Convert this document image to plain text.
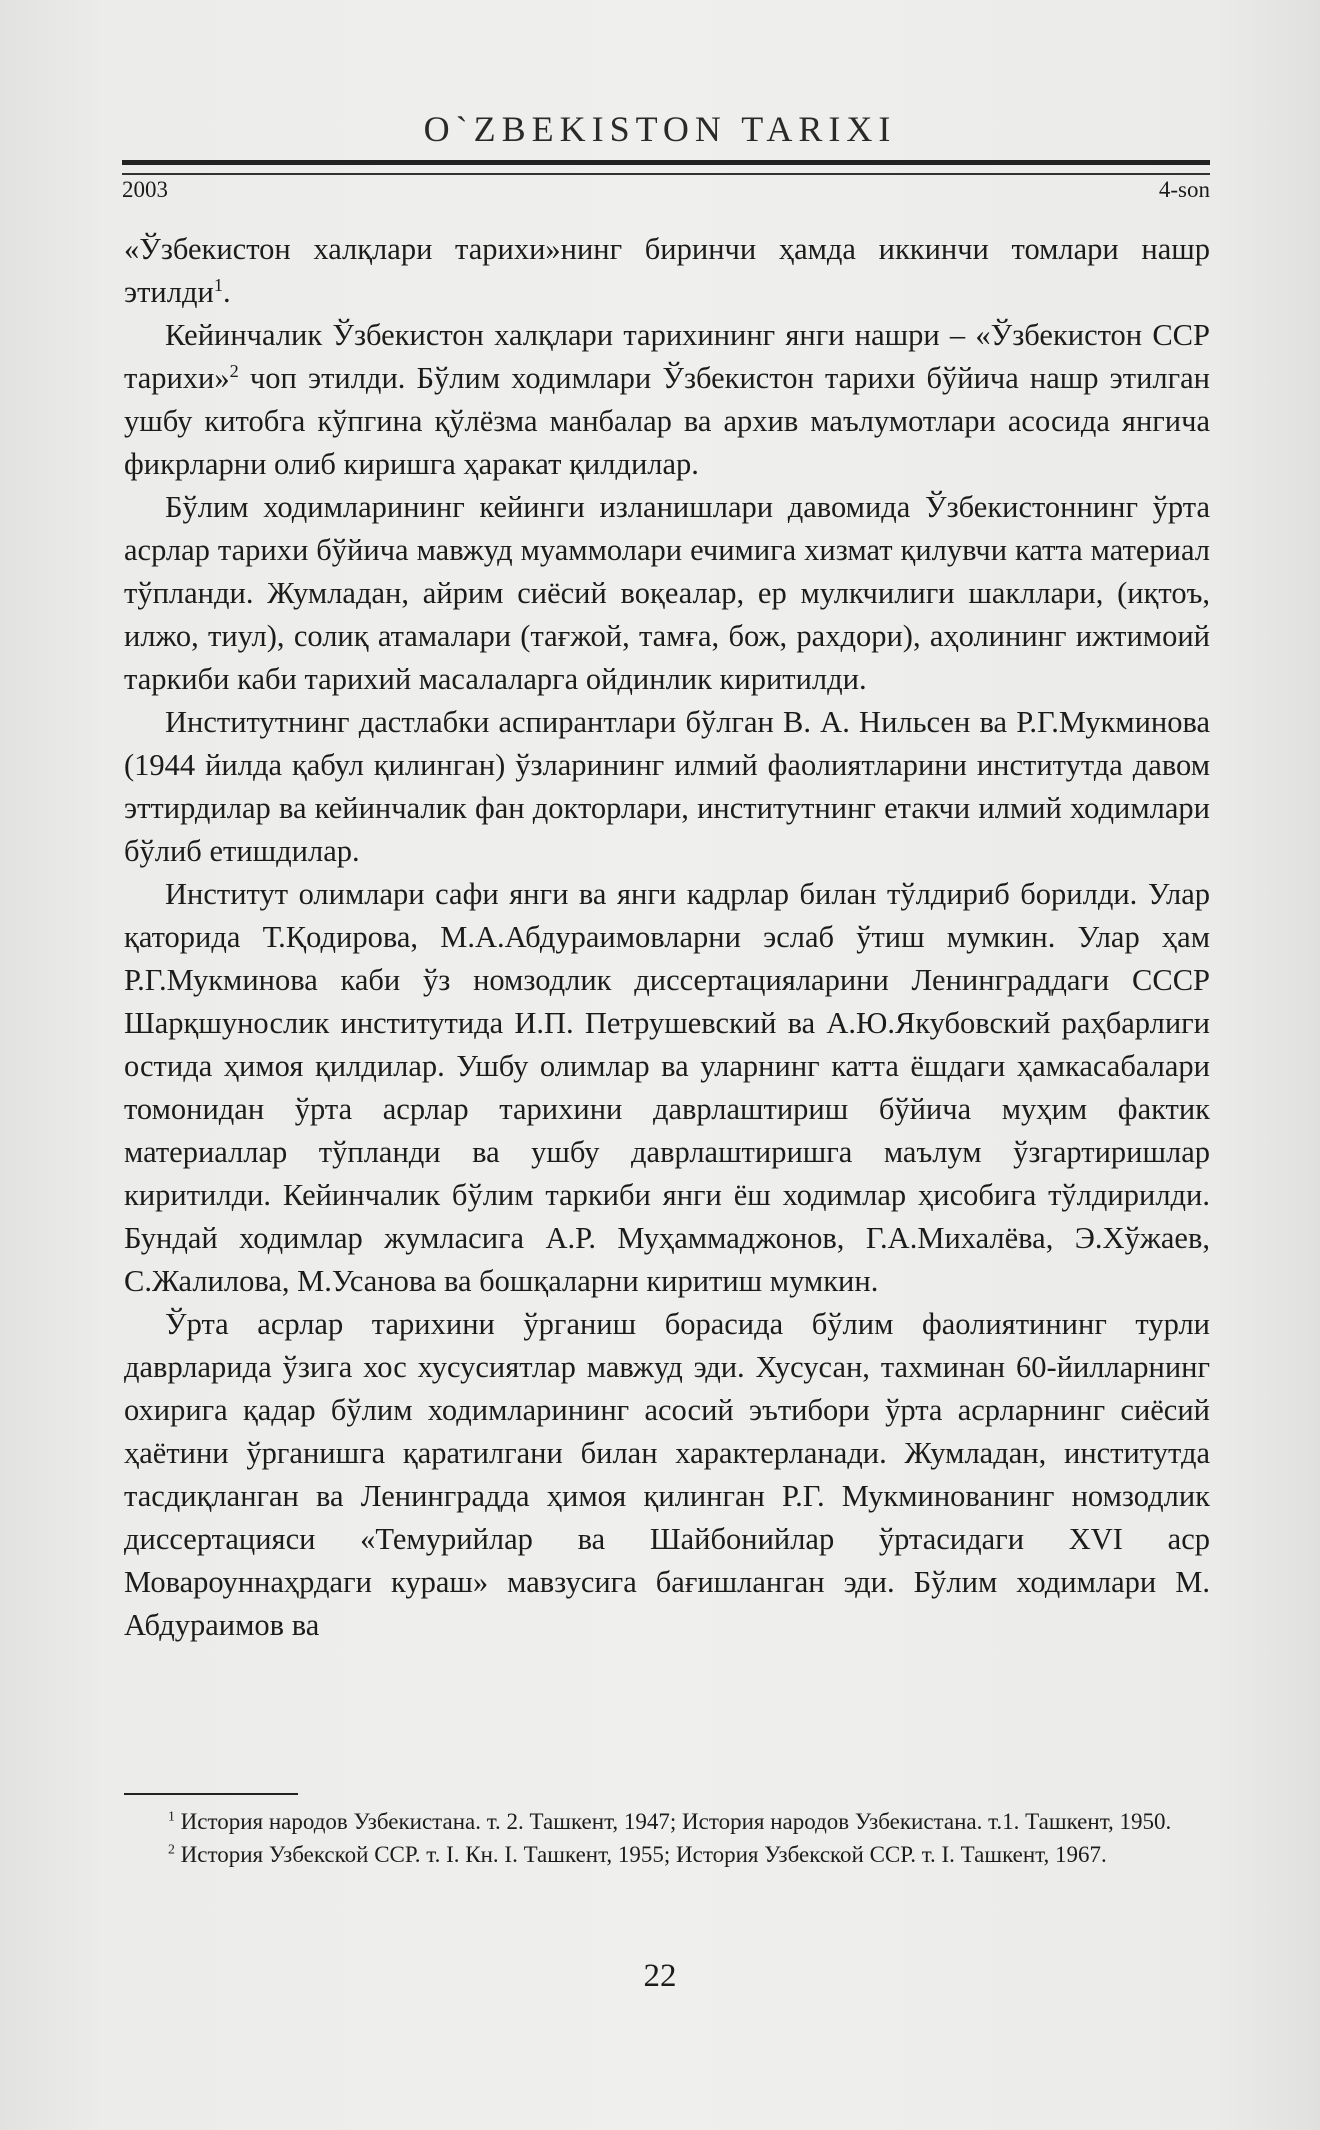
O`ZBEKISTON TARIXI
2003	4-son

«Ўзбекистон халқлари тарихи»нинг биринчи ҳамда иккинчи томлари нашр этилди$^1$.

Кейинчалик Ўзбекистон халқлари тарихининг янги нашри – «Ўзбекистон ССР тарихи»$^2$ чоп этилди. Бўлим ходимлари Ўзбекистон тарихи бўйича нашр этилган ушбу китобга кўпгина қўлёзма манбалар ва архив маълумотлари асосида янгича фикрларни олиб киришга ҳаракат қилдилар.

Бўлим ходимларининг кейинги изланишлари давомида Ўзбекистоннинг ўрта асрлар тарихи бўйича мавжуд муаммолари ечимига хизмат қилувчи катта материал тўпланди. Жумладан, айрим сиёсий воқеалар, ер мулкчилиги шакллари, (иқтоъ, илжо, тиул), солиқ атамалари (тағжой, тамға, бож, рахдори), аҳолининг ижтимоий таркиби каби тарихий масалаларга ойдинлик киритилди.

Институтнинг дастлабки аспирантлари бўлган В. А. Нильсен ва Р.Г.Мукминова (1944 йилда қабул қилинган) ўзларининг илмий фаолиятларини институтда давом эттирдилар ва кейинчалик фан докторлари, институтнинг етакчи илмий ходимлари бўлиб етишдилар.

Институт олимлари сафи янги ва янги кадрлар билан тўлдириб борилди. Улар қаторида Т.Қодирова, М.А.Абдураимовларни эслаб ўтиш мумкин. Улар ҳам Р.Г.Мукминова каби ўз номзодлик диссертацияларини Ленинграддаги СССР Шарқшунослик институтида И.П. Петрушевский ва А.Ю.Якубовский раҳбарлиги остида ҳимоя қилдилар. Ушбу олимлар ва уларнинг катта ёшдаги ҳамкасабалари томонидан ўрта асрлар тарихини даврлаштириш бўйича муҳим фактик материаллар тўпланди ва ушбу даврлаштиришга маълум ўзгартиришлар киритилди. Кейинчалик бўлим таркиби янги ёш ходимлар ҳисобига тўлдирилди. Бундай ходимлар жумласига А.Р. Муҳаммаджонов, Г.А.Михалёва, Э.Хўжаев, С.Жалилова, М.Усанова ва бошқаларни киритиш мумкин.

Ўрта асрлар тарихини ўрганиш борасида бўлим фаолиятининг турли даврларида ўзига хос хусусиятлар мавжуд эди. Хусусан, тахминан 60-йилларнинг охирига қадар бўлим ходимларининг асосий эътибори ўрта асрларнинг сиёсий ҳаётини ўрганишга қаратилгани билан характерланади. Жумладан, институтда тасдиқланган ва Ленинградда ҳимоя қилинган Р.Г. Мукминованинг номзодлик диссертацияси «Темурийлар ва Шайбонийлар ўртасидаги XVI аср Мовароуннаҳрдаги кураш» мавзусига бағишланган эди. Бўлим ходимлари М. Абдураимов ва

$^1$ История народов Узбекистана. т. 2. Ташкент, 1947; История народов Узбекистана. т.1. Ташкент, 1950.

$^2$ История Узбекской ССР. т. I. Кн. I. Ташкент, 1955; История Узбекской ССР. т. I. Ташкент, 1967.

22
